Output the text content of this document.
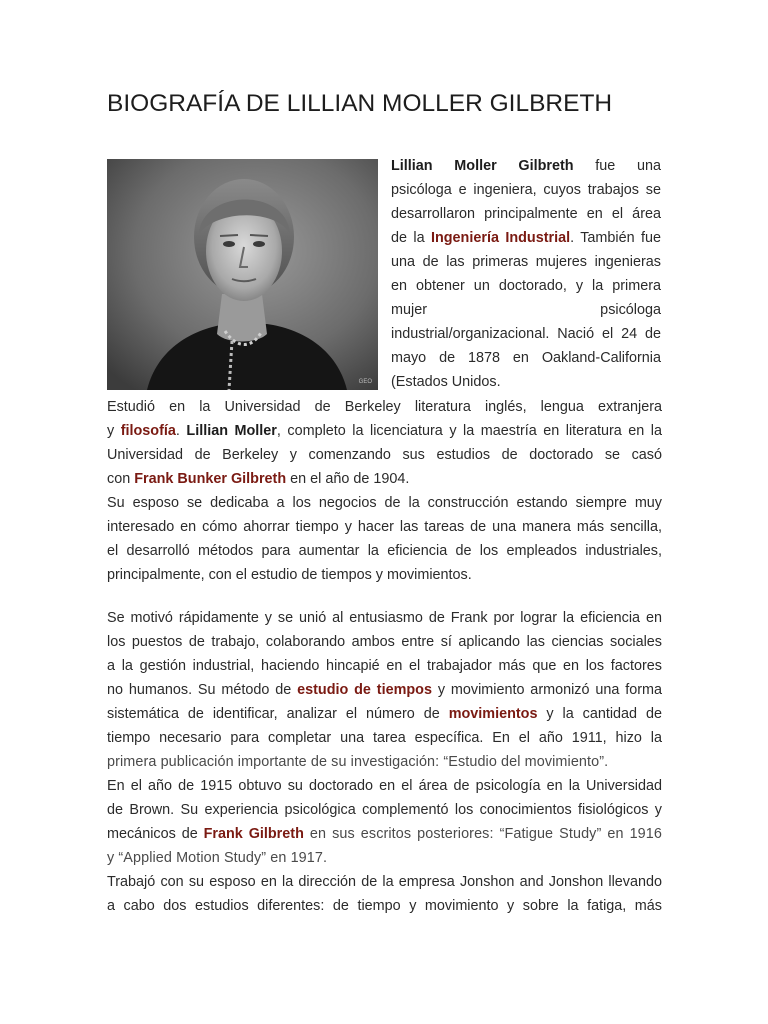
BIOGRAFÍA DE LILLIAN MOLLER GILBRETH
GEO

Lillian Moller Gilbreth fue una

psicóloga e ingeniera, cuyos trabajos se

desarrollaron principalmente en el área

de la Ingeniería Industrial. También fue

una de las primeras mujeres ingenieras

en obtener un doctorado, y la primera

mujer psicóloga

industrial/organizacional. Nació el 24 de

mayo de 1878 en Oakland-California

(Estados Unidos.

Estudió en la Universidad de Berkeley literatura inglés, lengua extranjera

y filosofía. Lillian Moller, completo la licenciatura y la maestría en literatura en la

Universidad de Berkeley y comenzando sus estudios de doctorado se casó

con Frank Bunker Gilbreth en el año de 1904.

Su esposo se dedicaba a los negocios de la construcción estando siempre muy

interesado en cómo ahorrar tiempo y hacer las tareas de una manera más sencilla,

el desarrolló métodos para aumentar la eficiencia de los empleados industriales,

principalmente, con el estudio de tiempos y movimientos.

Se motivó rápidamente y se unió al entusiasmo de Frank por lograr la eficiencia en

los puestos de trabajo, colaborando ambos entre sí aplicando las ciencias sociales

a la gestión industrial, haciendo hincapié en el trabajador más que en los factores

no humanos. Su método de estudio de tiempos y movimiento armonizó una forma

sistemática de identificar, analizar el número de movimientos y la cantidad de

tiempo necesario para completar una tarea específica. En el año 1911, hizo la

primera publicación importante de su investigación: “Estudio del movimiento”.

En el año de 1915 obtuvo su doctorado en el área de psicología en la Universidad

de Brown. Su experiencia psicológica complementó los conocimientos fisiológicos y

mecánicos de Frank Gilbreth en sus escritos posteriores: “Fatigue Study” en 1916

y “Applied Motion Study” en 1917.

Trabajó con su esposo en la dirección de la empresa Jonshon and Jonshon llevando

a cabo dos estudios diferentes: de tiempo y movimiento y sobre la fatiga, más
